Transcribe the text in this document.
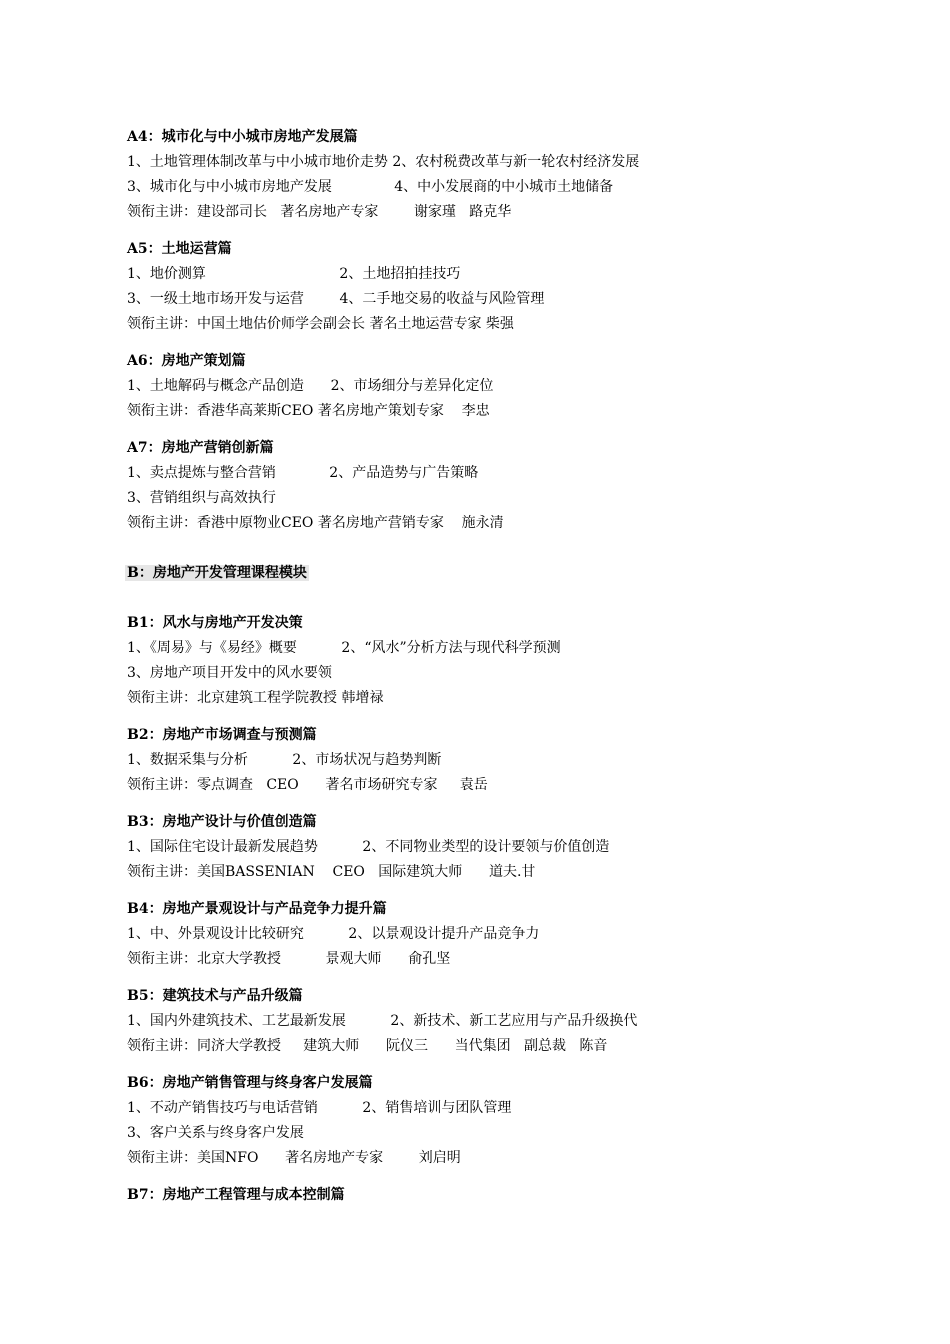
A4：城市化与中小城市房地产发展篇
1、土地管理体制改革与中小城市地价走势 2、农村税费改革与新一轮农村经济发展
3、城市化与中小城市房地产发展              4、中小发展商的中小城市土地储备
领衔主讲：建设部司长   著名房地产专家        谢家瑾   路克华
A5：土地运营篇
1、地价测算                              2、土地招拍挂技巧
3、一级土地市场开发与运营        4、二手地交易的收益与风险管理
领衔主讲：中国土地估价师学会副会长 著名土地运营专家 柴强
A6：房地产策划篇
1、土地解码与概念产品创造      2、市场细分与差异化定位
领衔主讲：香港华高莱斯CEO 著名房地产策划专家    李忠
A7：房地产营销创新篇
1、卖点提炼与整合营销            2、产品造势与广告策略
3、营销组织与高效执行
领衔主讲：香港中原物业CEO 著名房地产营销专家    施永清
B：房地产开发管理课程模块
B1：风水与房地产开发决策
1、《周易》与《易经》概要          2、“风水”分析方法与现代科学预测
3、房地产项目开发中的风水要领
领衔主讲：北京建筑工程学院教授 韩增禄
B2：房地产市场调查与预测篇
1、数据采集与分析          2、市场状况与趋势判断
领衔主讲：零点调查   CEO      著名市场研究专家     袁岳
B3：房地产设计与价值创造篇
1、国际住宅设计最新发展趋势          2、不同物业类型的设计要领与价值创造
领衔主讲：美国BASSENIAN    CEO   国际建筑大师      道夫.甘
B4：房地产景观设计与产品竞争力提升篇
1、中、外景观设计比较研究          2、以景观设计提升产品竞争力
领衔主讲：北京大学教授          景观大师      俞孔坚
B5：建筑技术与产品升级篇
1、国内外建筑技术、工艺最新发展          2、新技术、新工艺应用与产品升级换代
领衔主讲：同济大学教授     建筑大师      阮仪三      当代集团   副总裁   陈音
B6：房地产销售管理与终身客户发展篇
1、不动产销售技巧与电话营销          2、销售培训与团队管理
3、客户关系与终身客户发展
领衔主讲：美国NFO      著名房地产专家        刘启明
B7：房地产工程管理与成本控制篇
